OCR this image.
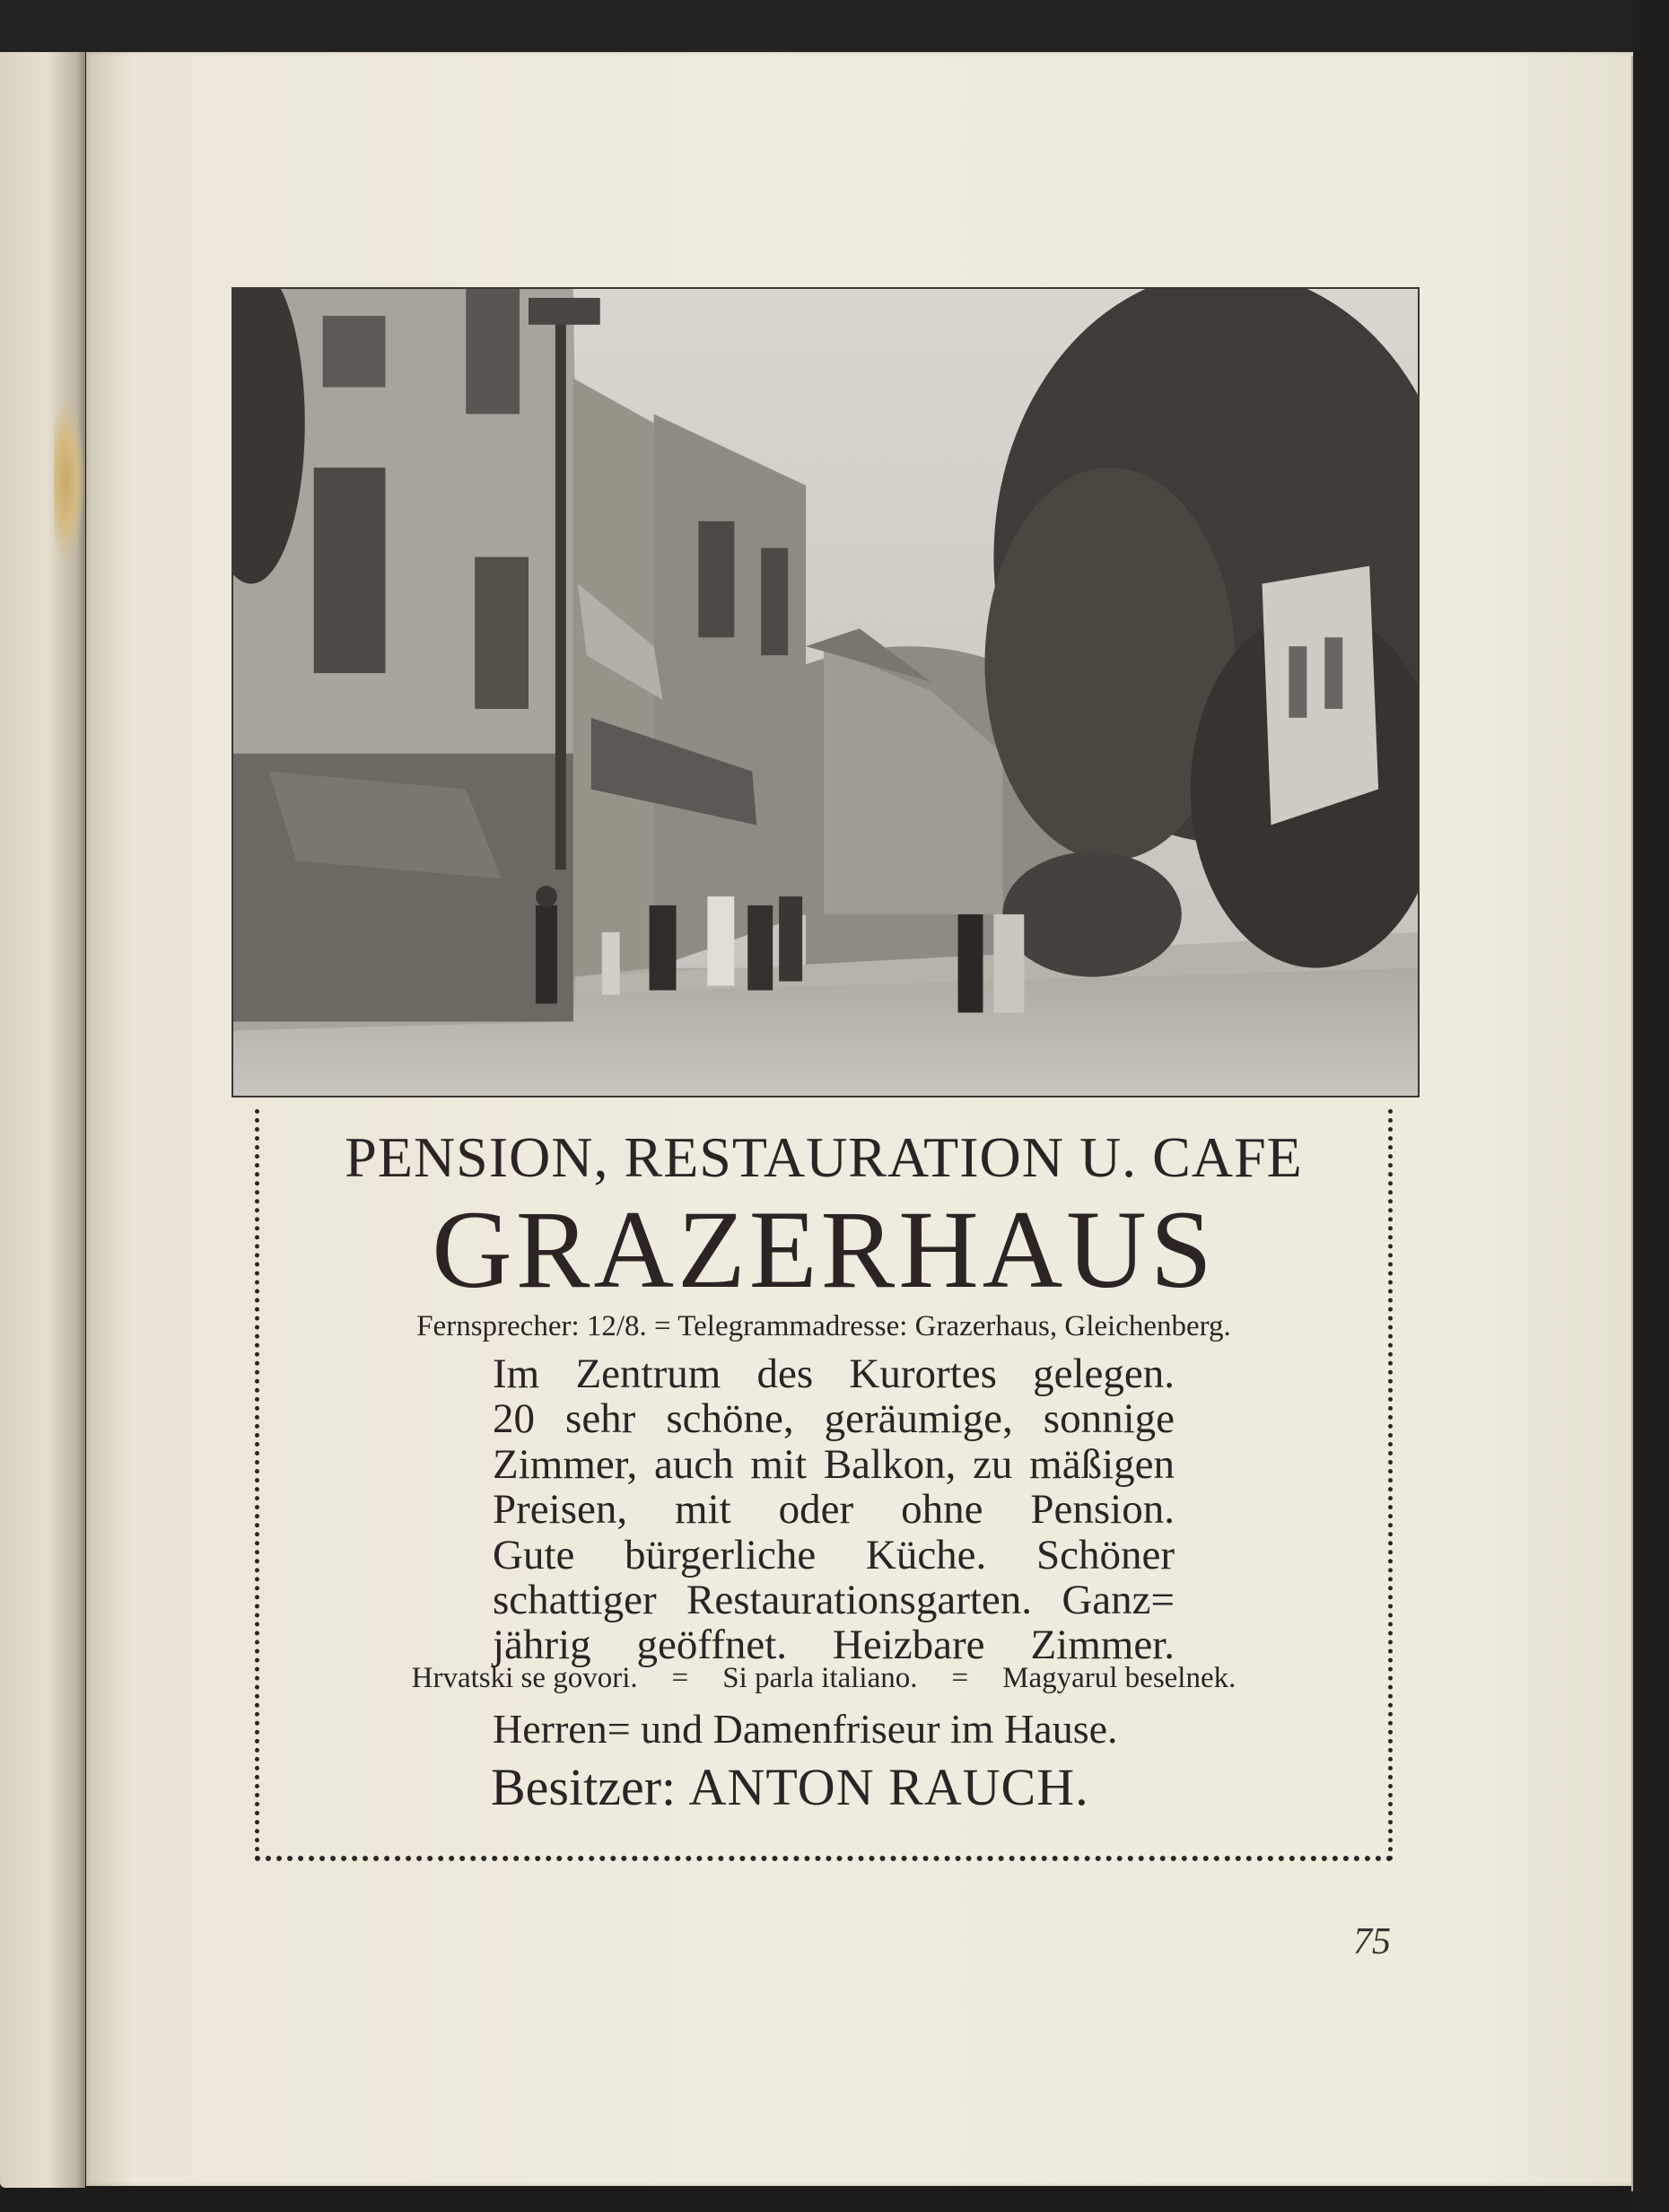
PENSION, RESTAURATION U. CAFE
GRAZERHAUS
Fernsprecher: 12/8. = Telegrammadresse: Grazerhaus, Gleichenberg.
Im Zentrum des Kurortes gelegen.
20 sehr schöne, geräumige, sonnige
Zimmer, auch mit Balkon, zu mäßigen
Preisen, mit oder ohne Pension.
Gute bürgerliche Küche. Schöner
schattiger Restaurationsgarten. Ganz=
jährig geöffnet. Heizbare Zimmer.
Hrvatski se govori. = Si parla italiano. = Magyarul beselnek.
Herren= und Damenfriseur im Hause.
Besitzer: ANTON RAUCH.
75
